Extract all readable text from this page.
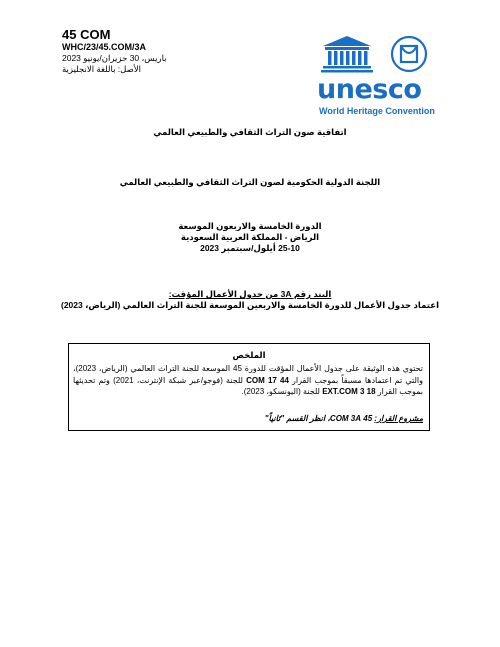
45 COM
WHC/23/45.COM/3A
باريس، 30 حزيران/يونيو 2023
الأصل: باللغة الانجليزية
unesco
World Heritage Convention
اتفاقية صون التراث الثقافي والطبيعي العالمي
اللجنة الدولية الحكومية لصون التراث الثقافي والطبيعي العالمي
الدورة الخامسة والاربعون الموسعة
الرياض - المملكة العربية السعودية
25-10 أيلول/سبتمبر 2023
البند رقم 3A من جدول الأعمال المؤقت:
اعتماد جدول الأعمال للدورة الخامسة والاربعين الموسعة للجنة التراث العالمي (الرياض، 2023)
الملخص
تحتوي هذه الوثيقة على جدول الأعمال المؤقت للدورة 45 الموسعة للجنة التراث العالمي (الرياض، 2023)، والتي تم اعتمادها مسبقاً بموجب القرار 44 COM 17 للجنة (فوجو/عبر شبكة الإنترنت، 2021) وتم تحديثها بموجب القرار 18 EXT.COM 3 للجنة (اليونسكو، 2023).
مشروع القرار: 45 COM 3A، انظر القسم "ثانياً"
